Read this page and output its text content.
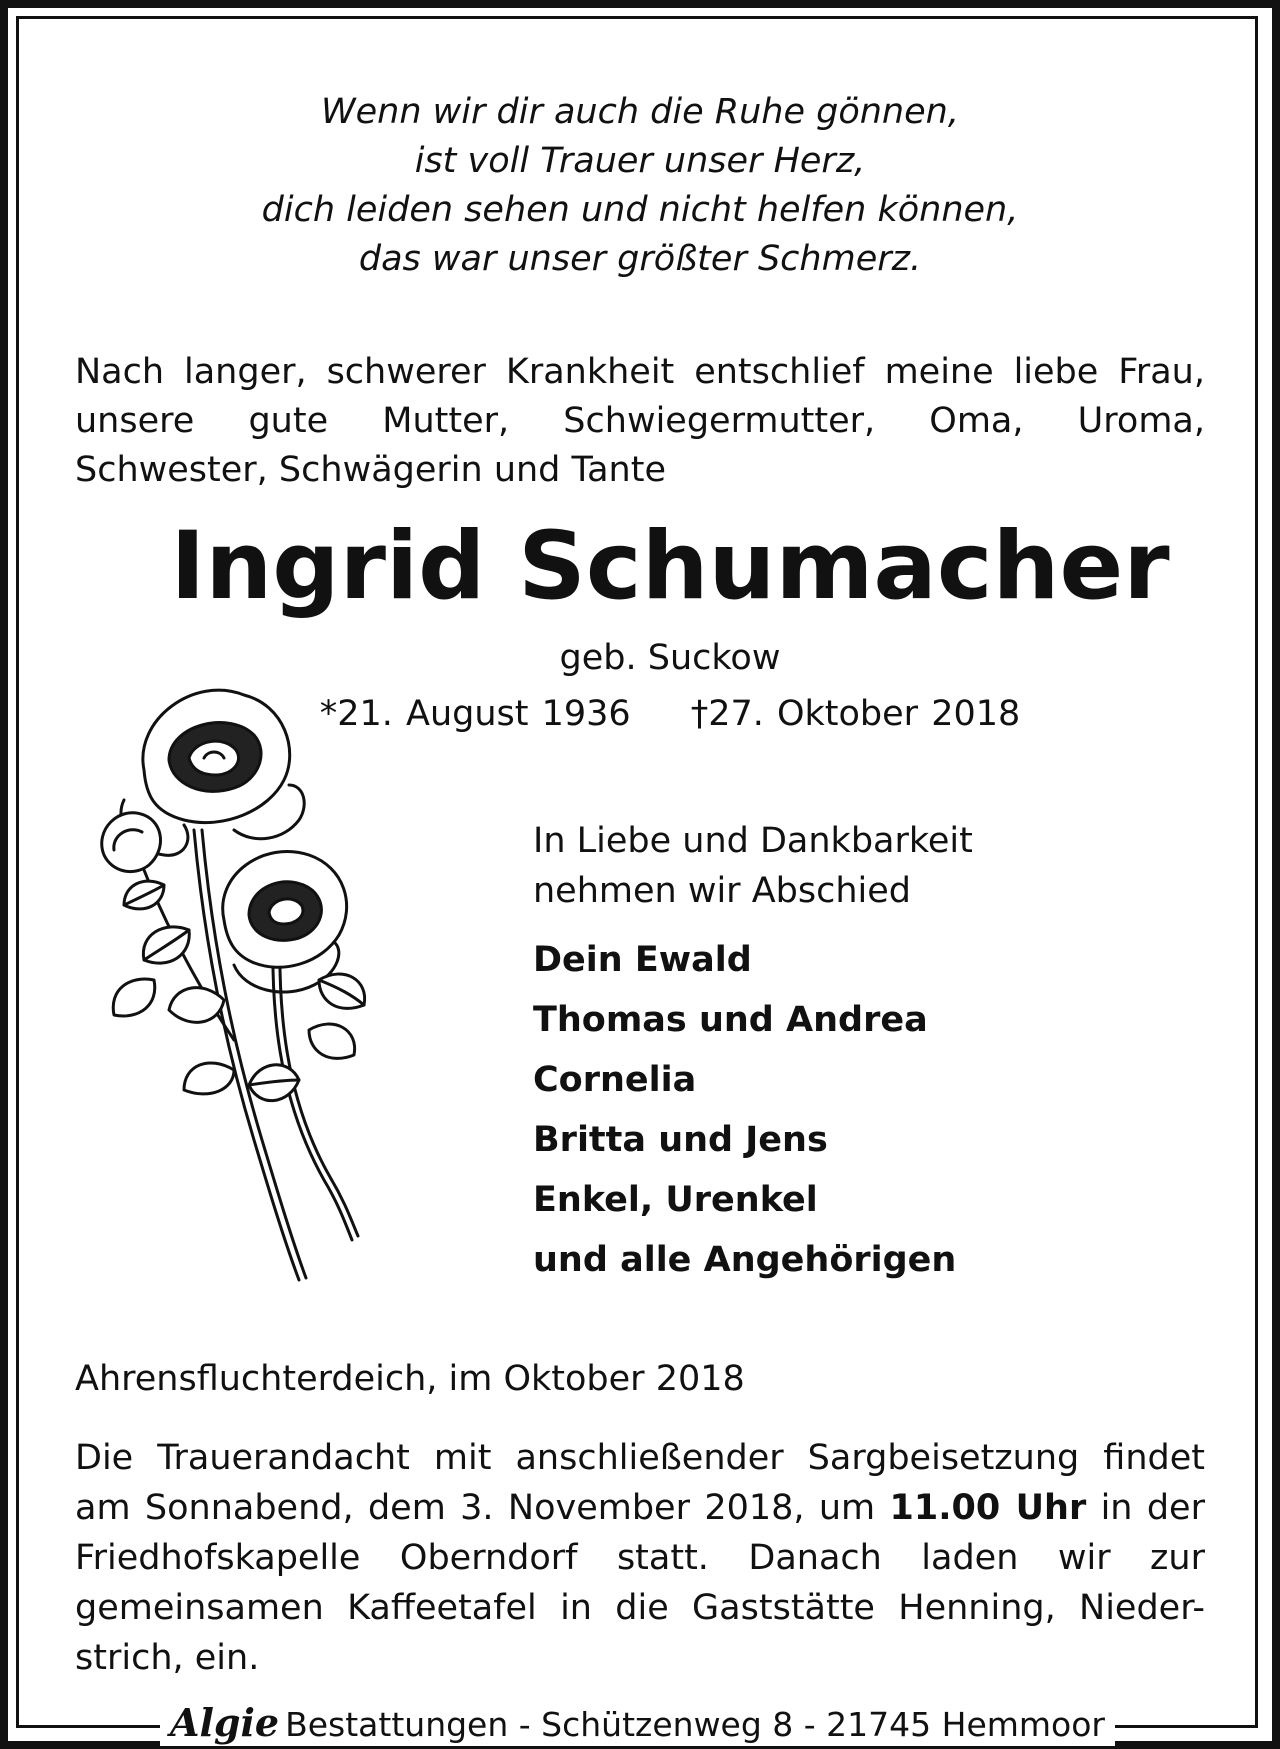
Wenn wir dir auch die Ruhe gönnen,
ist voll Trauer unser Herz,
dich leiden sehen und nicht helfen können,
das war unser größter Schmerz.
Nach langer, schwerer Krankheit entschlief meine liebe Frau,
unsere gute Mutter, Schwiegermutter, Oma, Uroma,
Schwester, Schwägerin und Tante
Ingrid Schumacher
geb. Suckow
*21. August 1936 †27. Oktober 2018
In Liebe und Dankbarkeit
nehmen wir Abschied
Dein Ewald
Thomas und Andrea
Cornelia
Britta und Jens
Enkel, Urenkel
und alle Angehörigen
Ahrensfluchterdeich, im Oktober 2018
Die Trauerandacht mit anschließender Sargbeisetzung findet
am Sonnabend, dem 3. November 2018, um 11.00 Uhr in der
Friedhofskapelle Oberndorf statt. Danach laden wir zur
gemeinsamen Kaffeetafel in die Gaststätte Henning, Nieder-
strich, ein.
Algie Bestattungen - Schützenweg 8 - 21745 Hemmoor
